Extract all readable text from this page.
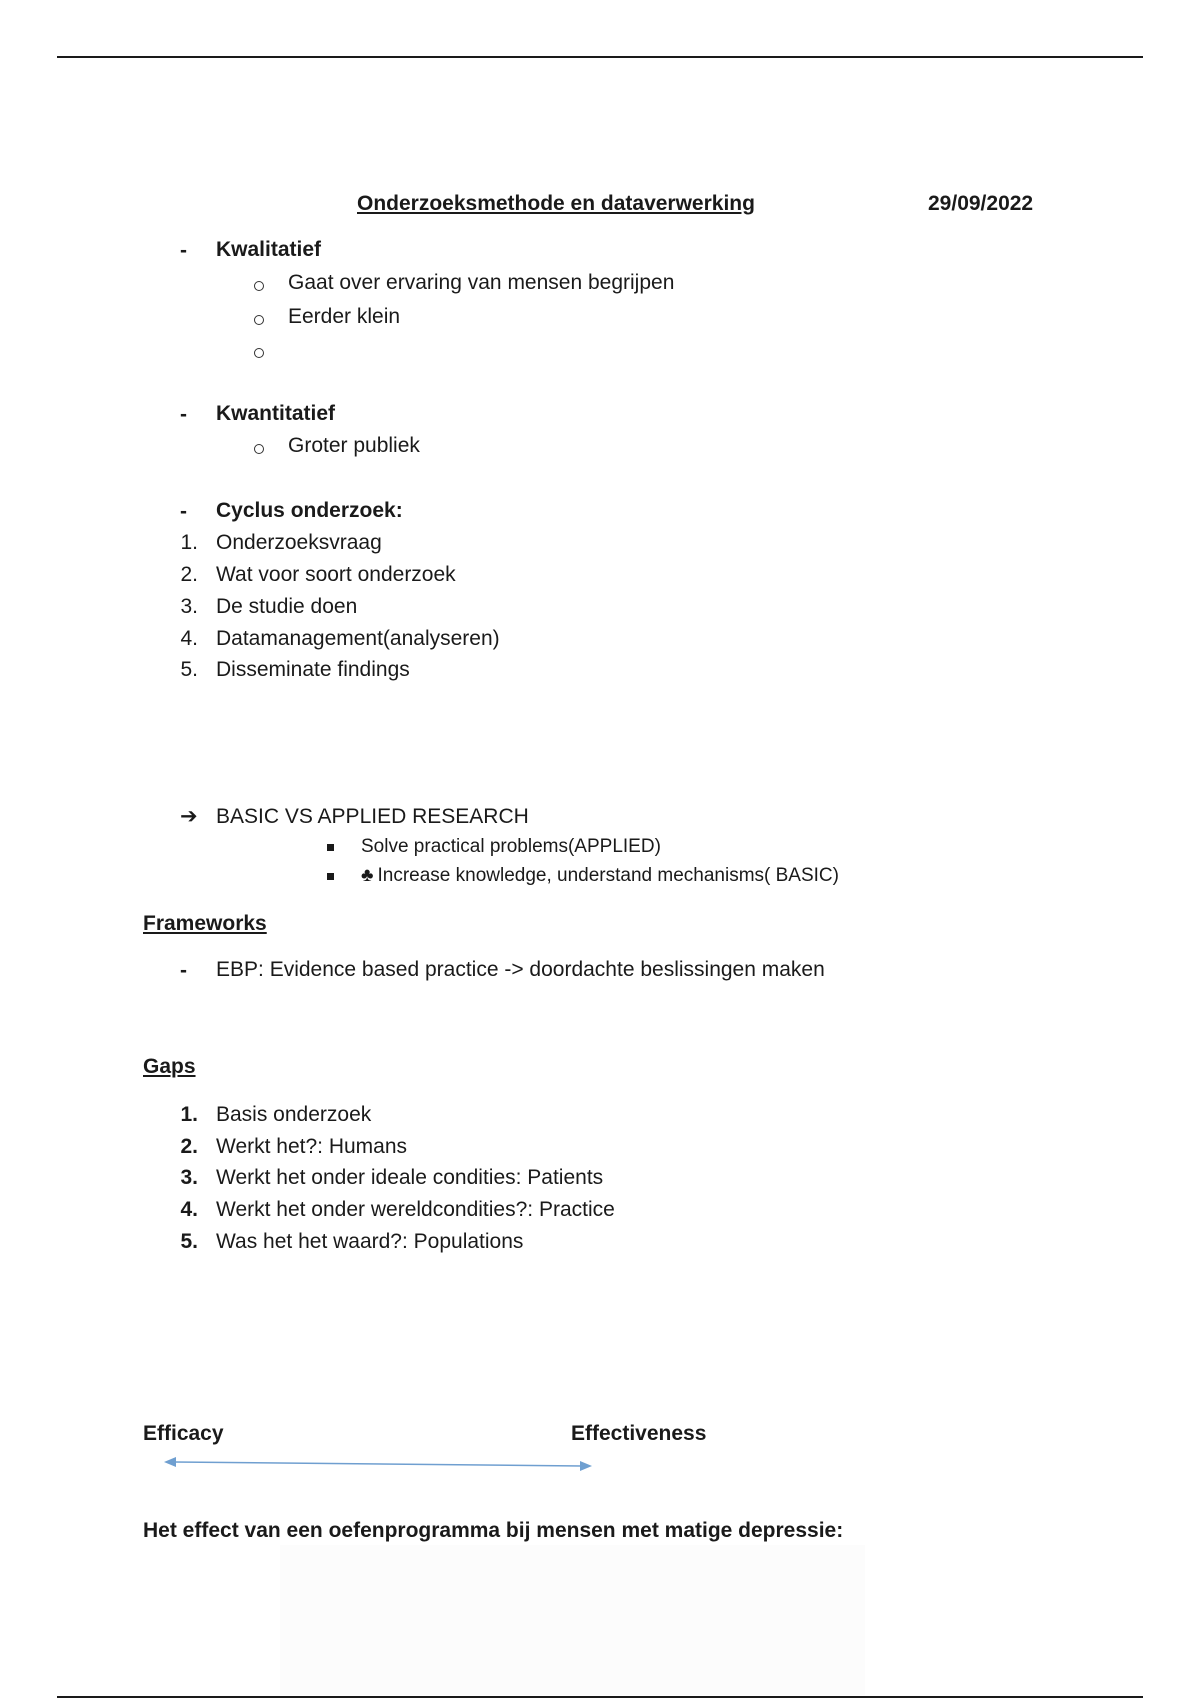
Onderzoeksmethode en dataverwerking	29/09/2022
- Kwalitatief
Gaat over ervaring van mensen begrijpen
Eerder klein
- Kwantitatief
Groter publiek
- Cyclus onderzoek:
1. Onderzoeksvraag
2. Wat voor soort onderzoek
3. De studie doen
4. Datamanagement(analyseren)
5. Disseminate findings
➔ BASIC VS APPLIED RESEARCH
Solve practical problems(APPLIED)
♣ Increase knowledge, understand mechanisms( BASIC)
Frameworks
- EBP: Evidence based practice -> doordachte beslissingen maken
Gaps
1. Basis onderzoek
2. Werkt het?: Humans
3. Werkt het onder ideale condities: Patients
4. Werkt het onder wereldcondities?: Practice
5. Was het het waard?: Populations
Efficacy	Effectiveness
Het effect van een oefenprogramma bij mensen met matige depressie:
